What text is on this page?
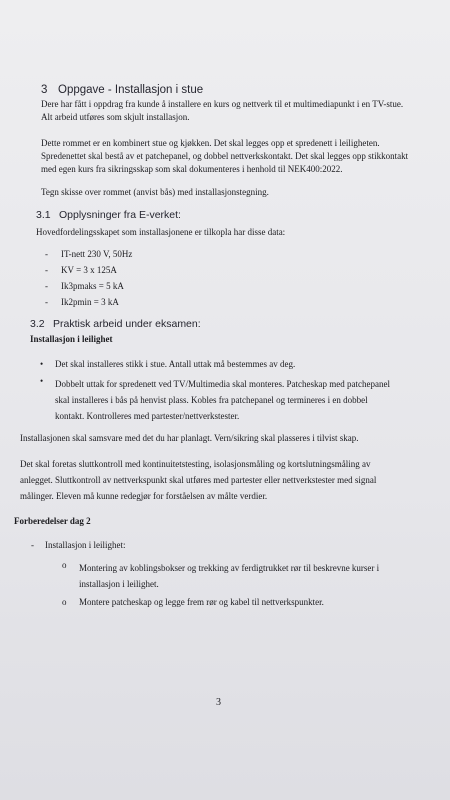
3 Oppgave - Installasjon i stue
Dere har fått i oppdrag fra kunde å installere en kurs og nettverk til et multimediapunkt i en TV-stue.
Alt arbeid utføres som skjult installasjon.
Dette rommet er en kombinert stue og kjøkken. Det skal legges opp et spredenett i leiligheten.
Spredenettet skal bestå av et patchepanel, og dobbel nettverkskontakt. Det skal legges opp stikkontakt
med egen kurs fra sikringsskap som skal dokumenteres i henhold til NEK400:2022.
Tegn skisse over rommet (anvist bås) med installasjonstegning.
3.1 Opplysninger fra E-verket:
Hovedfordelingsskapet som installasjonene er tilkopla har disse data:
- IT-nett 230 V, 50Hz
- KV = 3 x 125A
- Ik3pmaks = 5 kA
- Ik2pmin = 3 kA
3.2 Praktisk arbeid under eksamen:
Installasjon i leilighet
• Det skal installeres stikk i stue. Antall uttak må bestemmes av deg.
• Dobbelt uttak for spredenett ved TV/Multimedia skal monteres. Patcheskap med patchepanel
skal installeres i bås på henvist plass. Kobles fra patchepanel og termineres i en dobbel
kontakt. Kontrolleres med partester/nettverkstester.
Installasjonen skal samsvare med det du har planlagt. Vern/sikring skal plasseres i tilvist skap.
Det skal foretas sluttkontroll med kontinuitetstesting, isolasjonsmåling og kortslutningsmåling av
anlegget. Sluttkontroll av nettverkspunkt skal utføres med partester eller nettverkstester med signal
målinger. Eleven må kunne redegjør for forståelsen av målte verdier.
Forberedelser dag 2
- Installasjon i leilighet:
o Montering av koblingsbokser og trekking av ferdigtrukket rør til beskrevne kurser i
installasjon i leilighet.
o Montere patcheskap og legge frem rør og kabel til nettverkspunkter.
3
